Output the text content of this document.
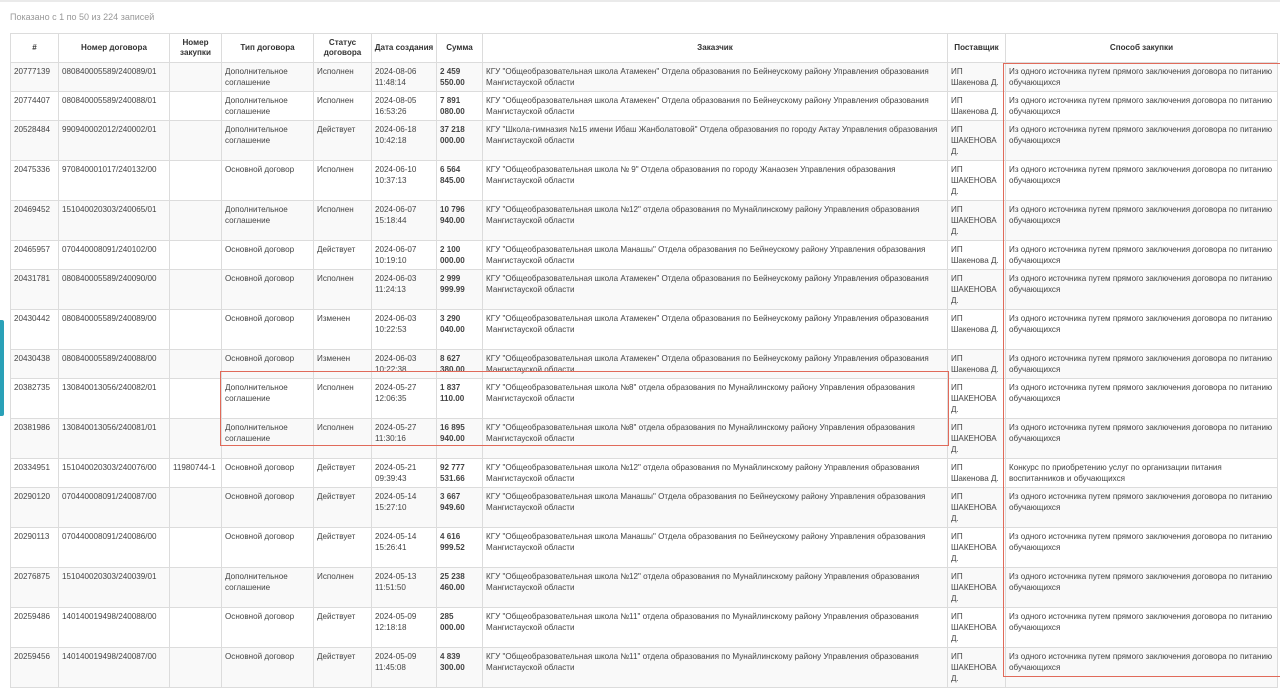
Показано с 1 по 50 из 224 записей
#	Номер договора	Номер закупки	Тип договора	Статус договора	Дата создания	Сумма	Заказчик	Поставщик	Способ закупки
20777139	080840005589/240089/01		Дополнительное соглашение	Исполнен	2024-08-06 11:48:14	2 459 550.00	КГУ "Общеобразовательная школа Атамекен" Отдела образования по Бейнеускому району Управления образования Мангистауской области	ИП Шакенова Д.	Из одного источника путем прямого заключения договора по питанию обучающихся
20774407	080840005589/240088/01		Дополнительное соглашение	Исполнен	2024-08-05 16:53:26	7 891 080.00	КГУ "Общеобразовательная школа Атамекен" Отдела образования по Бейнеускому району Управления образования Мангистауской области	ИП Шакенова Д.	Из одного источника путем прямого заключения договора по питанию обучающихся
20528484	990940002012/240002/01		Дополнительное соглашение	Действует	2024-06-18 10:42:18	37 218 000.00	КГУ "Школа-гимназия №15 имени Ибаш Жанболатовой" Отдела образования по городу Актау Управления образования Мангистауской области	ИП ШАКЕНОВА Д.	Из одного источника путем прямого заключения договора по питанию обучающихся
20475336	970840001017/240132/00		Основной договор	Исполнен	2024-06-10 10:37:13	6 564 845.00	КГУ "Общеобразовательная школа № 9" Отдела образования по городу Жанаозен Управления образования Мангистауской области	ИП ШАКЕНОВА Д.	Из одного источника путем прямого заключения договора по питанию обучающихся
20469452	151040020303/240065/01		Дополнительное соглашение	Исполнен	2024-06-07 15:18:44	10 796 940.00	КГУ "Общеобразовательная школа №12" отдела образования по Мунайлинскому району Управления образования Мангистауской области	ИП ШАКЕНОВА Д.	Из одного источника путем прямого заключения договора по питанию обучающихся
20465957	070440008091/240102/00		Основной договор	Действует	2024-06-07 10:19:10	2 100 000.00	КГУ "Общеобразовательная школа Манашы" Отдела образования по Бейнеускому району Управления образования Мангистауской области	ИП Шакенова Д.	Из одного источника путем прямого заключения договора по питанию обучающихся
20431781	080840005589/240090/00		Основной договор	Исполнен	2024-06-03 11:24:13	2 999 999.99	КГУ "Общеобразовательная школа Атамекен" Отдела образования по Бейнеускому району Управления образования Мангистауской области	ИП ШАКЕНОВА Д.	Из одного источника путем прямого заключения договора по питанию обучающихся
20430442	080840005589/240089/00		Основной договор	Изменен	2024-06-03 10:22:53	3 290 040.00	КГУ "Общеобразовательная школа Атамекен" Отдела образования по Бейнеускому району Управления образования Мангистауской области	ИП Шакенова Д.	Из одного источника путем прямого заключения договора по питанию обучающихся
20430438	080840005589/240088/00		Основной договор	Изменен	2024-06-03 10:22:38	8 627 380.00	КГУ "Общеобразовательная школа Атамекен" Отдела образования по Бейнеускому району Управления образования Мангистауской области	ИП Шакенова Д.	Из одного источника путем прямого заключения договора по питанию обучающихся
20382735	130840013056/240082/01		Дополнительное соглашение	Исполнен	2024-05-27 12:06:35	1 837 110.00	КГУ "Общеобразовательная школа №8" отдела образования по Мунайлинскому району Управления образования Мангистауской области	ИП ШАКЕНОВА Д.	Из одного источника путем прямого заключения договора по питанию обучающихся
20381986	130840013056/240081/01		Дополнительное соглашение	Исполнен	2024-05-27 11:30:16	16 895 940.00	КГУ "Общеобразовательная школа №8" отдела образования по Мунайлинскому району Управления образования Мангистауской области	ИП ШАКЕНОВА Д.	Из одного источника путем прямого заключения договора по питанию обучающихся
20334951	151040020303/240076/00	11980744-1	Основной договор	Действует	2024-05-21 09:39:43	92 777 531.66	КГУ "Общеобразовательная школа №12" отдела образования по Мунайлинскому району Управления образования Мангистауской области	ИП Шакенова Д.	Конкурс по приобретению услуг по организации питания воспитанников и обучающихся
20290120	070440008091/240087/00		Основной договор	Действует	2024-05-14 15:27:10	3 667 949.60	КГУ "Общеобразовательная школа Манашы" Отдела образования по Бейнеускому району Управления образования Мангистауской области	ИП ШАКЕНОВА Д.	Из одного источника путем прямого заключения договора по питанию обучающихся
20290113	070440008091/240086/00		Основной договор	Действует	2024-05-14 15:26:41	4 616 999.52	КГУ "Общеобразовательная школа Манашы" Отдела образования по Бейнеускому району Управления образования Мангистауской области	ИП ШАКЕНОВА Д.	Из одного источника путем прямого заключения договора по питанию обучающихся
20276875	151040020303/240039/01		Дополнительное соглашение	Исполнен	2024-05-13 11:51:50	25 238 460.00	КГУ "Общеобразовательная школа №12" отдела образования по Мунайлинскому району Управления образования Мангистауской области	ИП ШАКЕНОВА Д.	Из одного источника путем прямого заключения договора по питанию обучающихся
20259486	140140019498/240088/00		Основной договор	Действует	2024-05-09 12:18:18	285 000.00	КГУ "Общеобразовательная школа №11" отдела образования по Мунайлинскому району Управления образования Мангистауской области	ИП ШАКЕНОВА Д.	Из одного источника путем прямого заключения договора по питанию обучающихся
20259456	140140019498/240087/00		Основной договор	Действует	2024-05-09 11:45:08	4 839 300.00	КГУ "Общеобразовательная школа №11" отдела образования по Мунайлинскому району Управления образования Мангистауской области	ИП ШАКЕНОВА Д.	Из одного источника путем прямого заключения договора по питанию обучающихся
